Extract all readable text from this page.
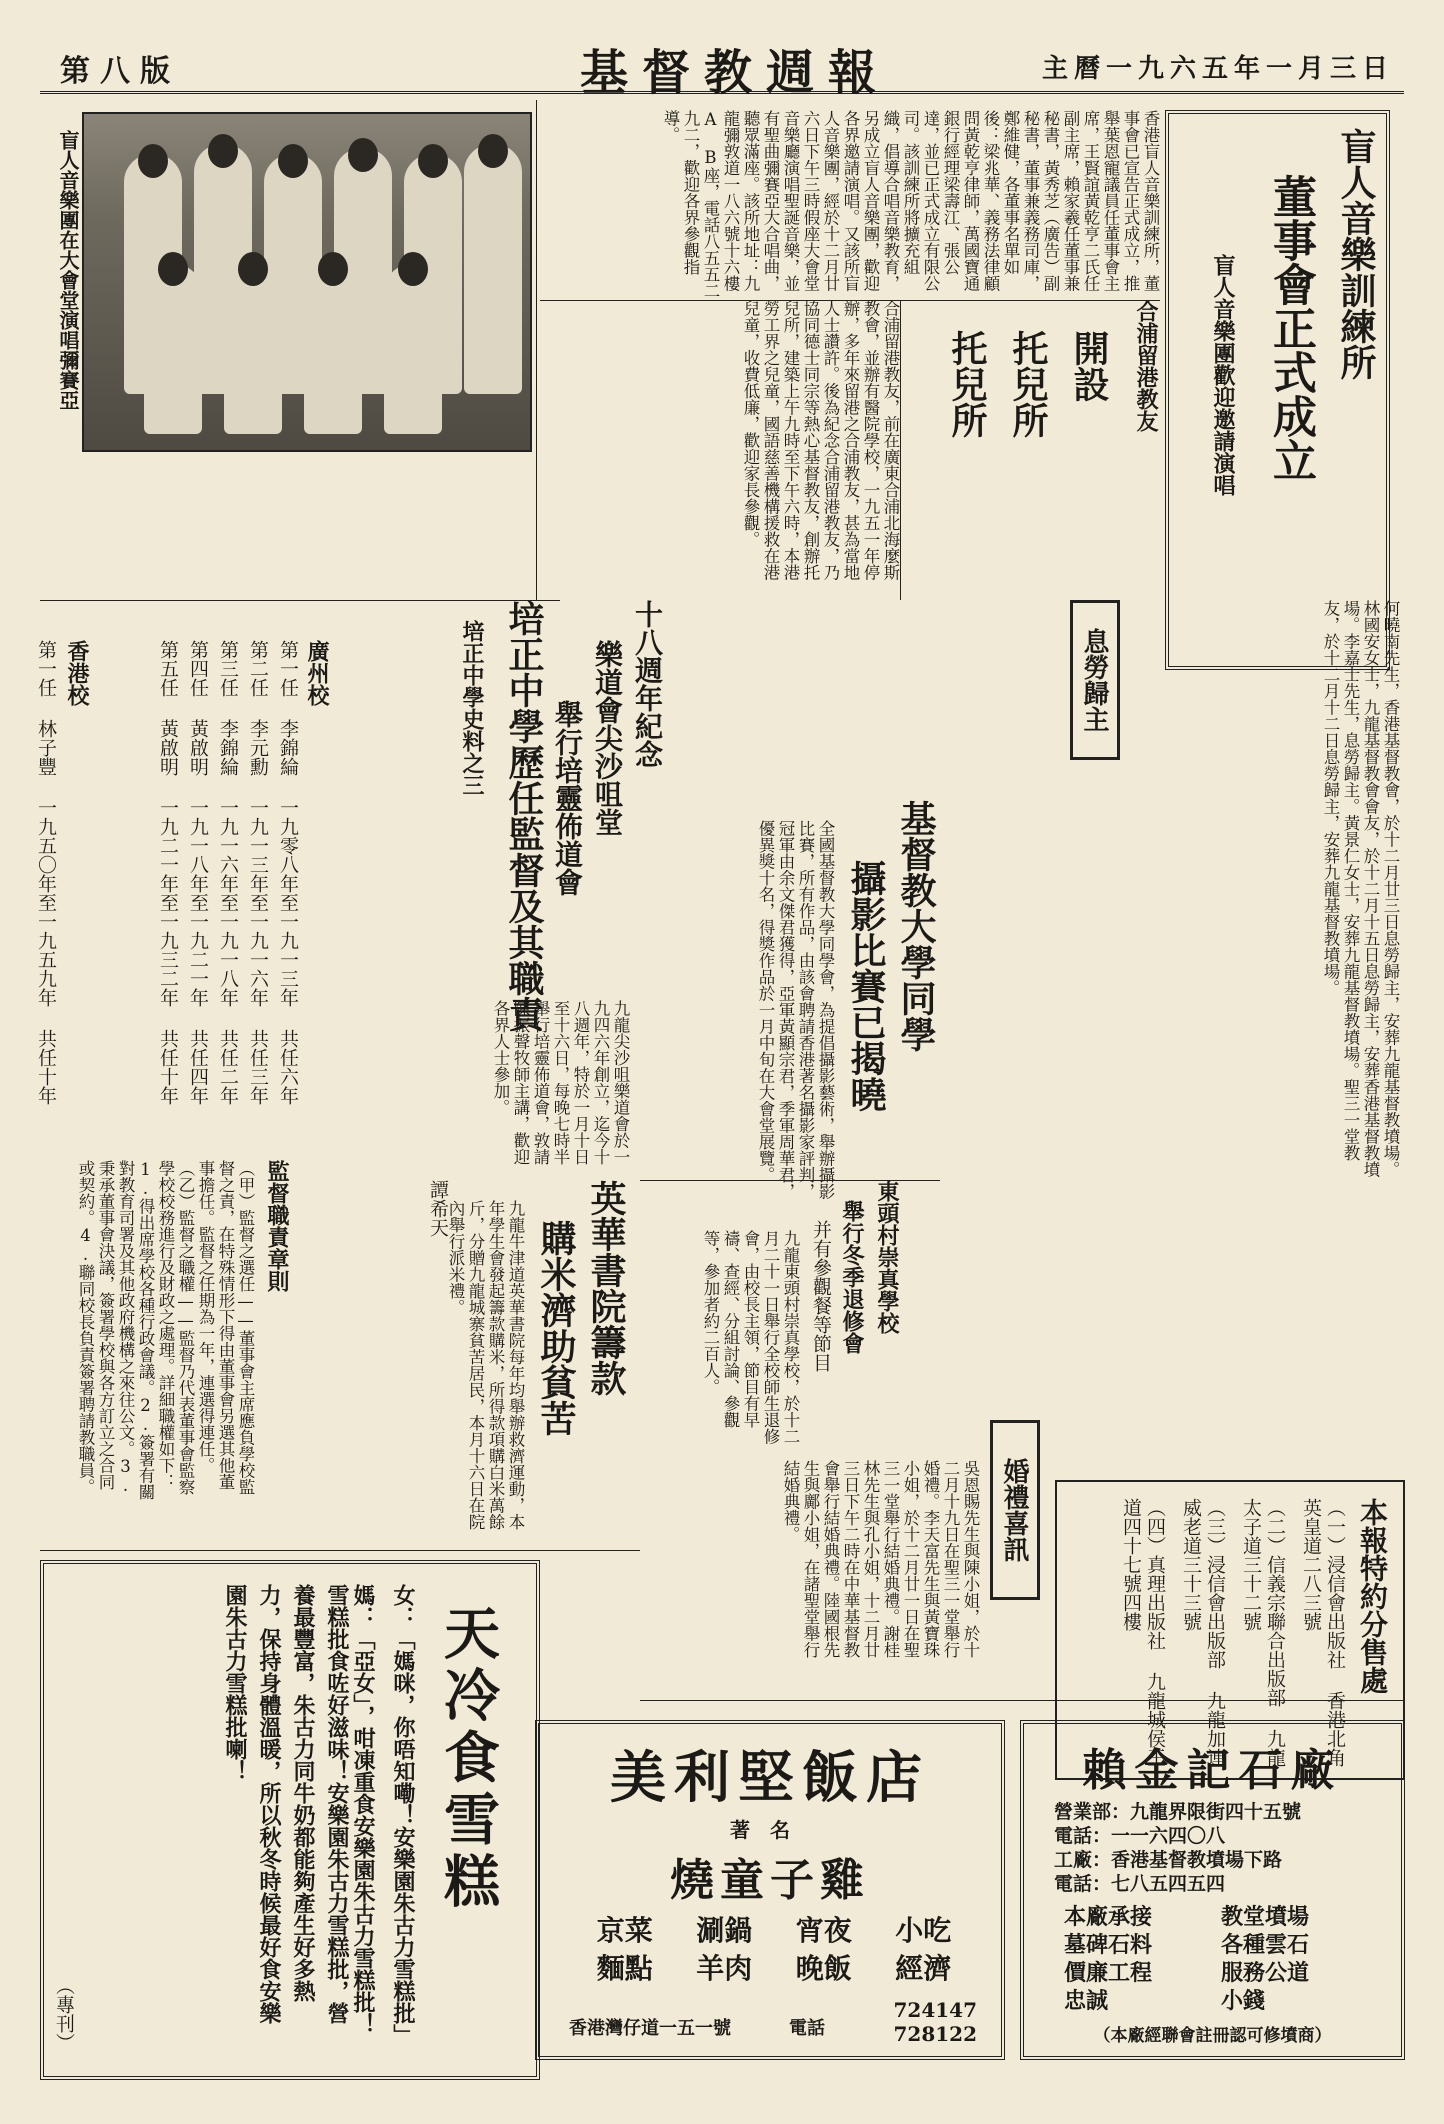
第八版	基督教週報	主曆一九六五年一月三日
盲人音樂團在大會堂演唱彌賽亞	盲人音樂訓練所
董事會正式成立
盲人音樂團歡迎邀請演唱
香港盲人音樂訓練所，董事會已宣告正式成立，推舉葉恩寵議員任董事會主席，王賢誼黃乾亨二氏任副主席，賴家羲任董事兼秘書，黃秀芝（廣告）副秘書，董事兼義務司庫，鄭維健，各董事名單如後：梁兆華、義務法律顧問黃乾亨律師，萬國寶通銀行經理梁壽江、張公達，並已正式成立有限公司。該訓練所將擴充組織，倡導合唱音樂教育，另成立盲人音樂團，歡迎各界邀請演唱。又該所盲人音樂團，經於十二月廿六日下午三時假座大會堂音樂廳演唱聖誕音樂，並有聖曲彌賽亞大合唱曲，聽眾滿座。該所地址：九龍彌敦道一八六號十六樓A B座，電話八五五二九二，歡迎各界參觀指導。
合浦留港教友
開設
托兒所
托兒所
合浦留港教友，前在廣東合浦北海麼斯教會，並辦有醫院學校，一九五一年停辦，多年來留港之合浦教友，甚為當地人士讚許。後為紀念合浦留港教友，乃協同德士同宗等熱心基督教友，創辦托兒所，建築上午九時至下午六時，本港勞工界之兒童，國語慈善機構援救在港兒童，收費低廉，歡迎家長參觀。
培正中學歷任監督及其職責
培正中學史料之三
譚希天
廣州校
第一任 李錦綸 一九零八年至一九一三年 共任六年
第二任 李元勳 一九一三年至一九一六年 共任三年
第三任 李錦綸 一九一六年至一九一八年 共任二年
第四任 黃啟明 一九一八年至一九二一年 共任四年
第五任 黃啟明 一九二一年至一九三二年 共任十年
香港校
第一任 林子豐 一九五〇年至一九五九年 共任十年
監督職責章則
（甲）監督之選任——董事會主席應負學校監督之責，在特殊情形下得由董事會另選其他董事擔任。監督之任期為一年，連選得連任。（乙）監督之職權——監督乃代表董事會監察學校校務進行及財政之處理。詳細職權如下：1.得出席學校各種行政會議。2.簽署有關對教育司署及其他政府機構之來往公文。3.秉承董事會決議，簽署學校與各方訂立之合同或契約。4.聯同校長負責簽署聘請教職員。
息勞歸主	何曉南先生，香港基督教會，於十二月廿三日息勞歸主，安葬九龍基督教墳場。林國安女士，九龍基督教會會友，於十二月十五日息勞歸主，安葬香港基督教墳場。李嘉士先生，息勞歸主。黃景仁女士，安葬九龍基督教墳場。聖三一堂教友，於十二月十二日息勞歸主，安葬九龍基督教墳場。
基督教大學同學
攝影比賽已揭曉
全國基督教大學同學會，為提倡攝影藝術，舉辦攝影比賽，所有作品，由該會聘請香港著名攝影家評判，冠軍由余文傑君獲得，亞軍黃顯宗君，季軍周華君，優異獎十名，得獎作品於一月中旬在大會堂展覽。
十八週年紀念
樂道會尖沙咀堂
舉行培靈佈道會
九龍尖沙咀樂道會於一九四六年創立，迄今十八週年，特於一月十日至十六日，每晚七時半舉行培靈佈道會，敦請陳振聲牧師主講，歡迎各界人士參加。
東頭村崇真學校
舉行冬季退修會
并有參觀餐等節目
九龍東頭村崇真學校，於十二月二十一日舉行全校師生退修會，由校長主領，節目有早禱、查經、分組討論、參觀等，參加者約二百人。
英華書院籌款
購米濟助貧苦
九龍牛津道英華書院每年均舉辦救濟運動，本年學生會發起籌款購米，所得款項購白米萬餘斤，分贈九龍城寨貧苦居民，本月十六日在院內舉行派米禮。
婚禮喜訊
吳恩賜先生與陳小姐，於十二月十九日在聖三一堂舉行婚禮。李天富先生與黃寶珠小姐，於十二月廿一日在聖三一堂舉行結婚典禮。謝桂林先生與孔小姐，十二月廿三日下午二時在中華基督教會舉行結婚典禮。陸國根先生與鄺小姐，在諸聖堂舉行結婚典禮。	本報特約分售處
（一）浸信會出版社 香港北角英皇道二八三號
（二）信義宗聯合出版部 九龍太子道三十二號
（三）浸信會出版部 九龍加連威老道三十三號
（四）真理出版社 九龍城侯王道四十七號四樓
天冷食雪糕
女：「媽咪，你唔知嘞！安樂園朱古力雪糕批」
媽：「亞女」，咁凍重食安樂園朱古力雪糕批！
雪糕批食咗好滋味！安樂園朱古力雪糕批，營養最豐富，朱古力同牛奶都能夠產生好多熱力，保持身體溫暖，所以秋冬時候最好食安樂園朱古力雪糕批喇！
（專刊）
美利堅飯店
著名
燒童子雞
京菜	涮鍋	宵夜	小吃
麵點	羊肉	晚飯	經濟
香港灣仔道一五一號	電話
724147
728122
賴金記石廠
營業部：九龍界限街四十五號
電話：一一六四〇八
工廠：香港基督教墳場下路
電話：七八五四五四
本廠承接	教堂墳場
墓碑石料	各種雲石
價廉工程	服務公道
忠誠	小錢
（本廠經聯會註冊認可修墳商）
